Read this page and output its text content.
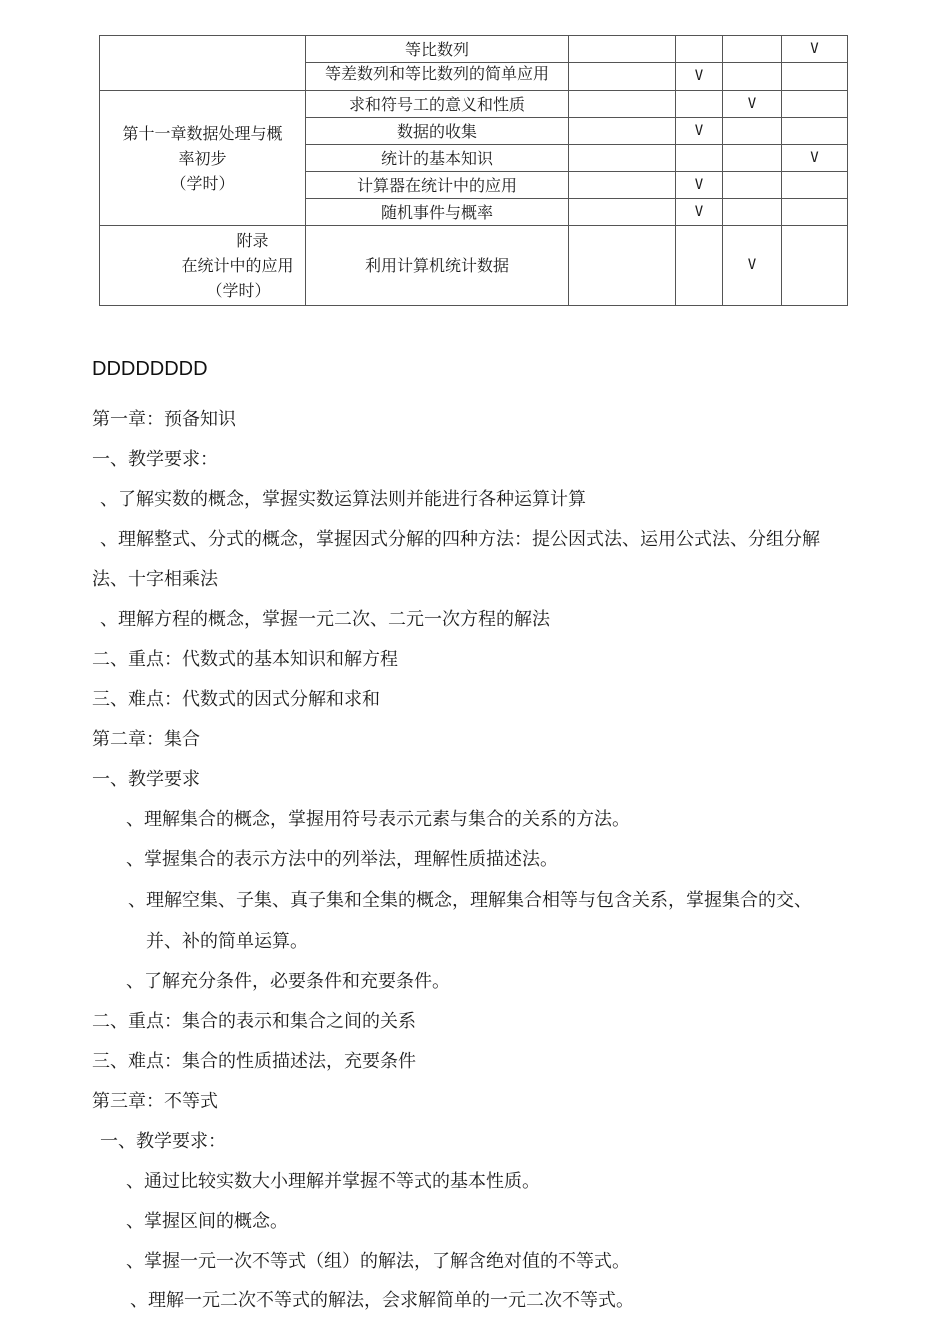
	等比数列				V
	等差数列和等比数列的简单应用		V		

第十一章数据处理与概
率初步
（学时）	求和符号工的意义和性质			V	
	数据的收集		V		
	统计的基本知识				V
	计算器在统计中的应用		V		
	随机事件与概率		V		

附录
在统计中的应用
（学时）	利用计算机统计数据			V	
DDDDDDDD
第一章：预备知识
一、教学要求：
、了解实数的概念，掌握实数运算法则并能进行各种运算计算
、理解整式、分式的概念，掌握因式分解的四种方法：提公因式法、运用公式法、分组分解
法、十字相乘法
、理解方程的概念，掌握一元二次、二元一次方程的解法
二、重点：代数式的基本知识和解方程
三、难点：代数式的因式分解和求和
第二章：集合
一、教学要求
、理解集合的概念，掌握用符号表示元素与集合的关系的方法。
、掌握集合的表示方法中的列举法，理解性质描述法。
、理解空集、子集、真子集和全集的概念，理解集合相等与包含关系，掌握集合的交、
并、补的简单运算。
、了解充分条件，必要条件和充要条件。
二、重点：集合的表示和集合之间的关系
三、难点：集合的性质描述法，充要条件
第三章：不等式
一、教学要求：
、通过比较实数大小理解并掌握不等式的基本性质。
、掌握区间的概念。
、掌握一元一次不等式（组）的解法，了解含绝对值的不等式。
、理解一元二次不等式的解法，会求解简单的一元二次不等式。
